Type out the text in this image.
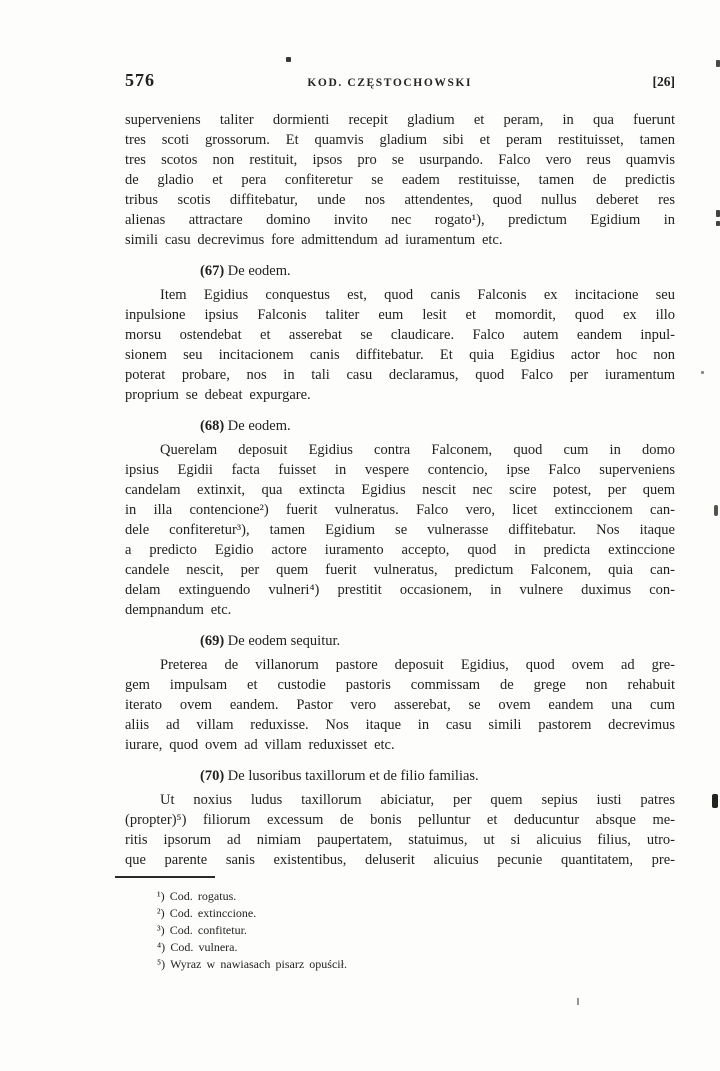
576	KOD. CZĘSTOCHOWSKI	[26]
superveniens taliter dormienti recepit gladium et peram, in qua fuerunt
tres scoti grossorum. Et quamvis gladium sibi et peram restituisset, tamen
tres scotos non restituit, ipsos pro se usurpando. Falco vero reus quamvis
de gladio et pera confiteretur se eadem restituisse, tamen de predictis
tribus scotis diffitebatur, unde nos attendentes, quod nullus deberet res
alienas attractare domino invito nec rogato¹), predictum Egidium in
simili casu decrevimus fore admittendum ad iuramentum etc.
(67) De eodem.
Item Egidius conquestus est, quod canis Falconis ex incitacione seu
inpulsione ipsius Falconis taliter eum lesit et momordit, quod ex illo
morsu ostendebat et asserebat se claudicare. Falco autem eandem inpul-
sionem seu incitacionem canis diffitebatur. Et quia Egidius actor hoc non
poterat probare, nos in tali casu declaramus, quod Falco per iuramentum
proprium se debeat expurgare.
(68) De eodem.
Querelam deposuit Egidius contra Falconem, quod cum in domo
ipsius Egidii facta fuisset in vespere contencio, ipse Falco superveniens
candelam extinxit, qua extincta Egidius nescit nec scire potest, per quem
in illa contencione²) fuerit vulneratus. Falco vero, licet extinccionem can-
dele confiteretur³), tamen Egidium se vulnerasse diffitebatur. Nos itaque
a predicto Egidio actore iuramento accepto, quod in predicta extinccione
candele nescit, per quem fuerit vulneratus, predictum Falconem, quia can-
delam extinguendo vulneri⁴) prestitit occasionem, in vulnere duximus con-
dempnandum etc.
(69) De eodem sequitur.
Preterea de villanorum pastore deposuit Egidius, quod ovem ad gre-
gem impulsam et custodie pastoris commissam de grege non rehabuit
iterato ovem eandem. Pastor vero asserebat, se ovem eandem una cum
aliis ad villam reduxisse. Nos itaque in casu simili pastorem decrevimus
iurare, quod ovem ad villam reduxisset etc.
(70) De lusoribus taxillorum et de filio familias.
Ut noxius ludus taxillorum abiciatur, per quem sepius iusti patres
(propter)⁵) filiorum excessum de bonis pelluntur et deducuntur absque me-
ritis ipsorum ad nimiam paupertatem, statuimus, ut si alicuius filius, utro-
que parente sanis existentibus, deluserit alicuius pecunie quantitatem, pre-
¹) Cod. rogatus.
²) Cod. extinccione.
³) Cod. confitetur.
⁴) Cod. vulnera.
⁵) Wyraz w nawiasach pisarz opuścił.
